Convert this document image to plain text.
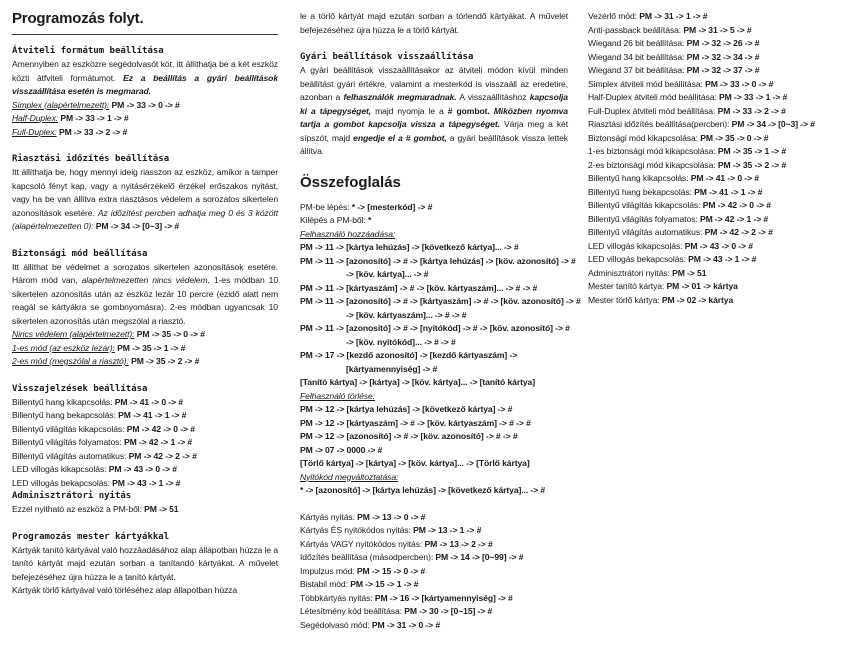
Programozás folyt.
Átviteli formátum beállítása
Amennyiben az eszközre segédolvasót köt, itt állíthatja be a két eszköz közti átfviteli formátumot. Ez a beállítás a gyári beállítások visszaállítása esetén is megmarad.
Simplex (alapértelmezett): PM -> 33 -> 0 -> #
Half-Duplex: PM -> 33 -> 1 -> #
Full-Duplex: PM -> 33 -> 2 -> #
Riasztási időzítés beállítása
Itt állíthatja be, hogy mennyi ideig riasszon az eszköz, amikor a tamper kapcsoló fényt kap, vagy a nyitásérzékelő érzékel erőszakos nyitást, vagy ha be van állítva extra riasztásos védelem a sorozatos sikertelen azonosítások esetére. Az időzítést percben adhatja meg 0 és 3 között (alapértelmezetten 0): PM -> 34 -> [0~3] -> #
Biztonsági mód beállítása
Itt állíthat be védelmet a sorozatos sikertelen azonosítások esetére. Három mód van, alapértelmezetten nincs védelem, 1-es módban 10 sikertelen azonosítás után az eszköz lezár 10 percre (ezidő alatt nem reagál se kártyákra se gombnyomásra), 2-es módban ugyancsak 10 sikertelen azonosítás után megszólal a riasztó.
Nincs védelem (alapértelmezett): PM -> 35 -> 0 -> #
1-es mód (az eszköz lezár): PM -> 35 -> 1 -> #
2-es mód (megszólal a riasztó): PM -> 35 -> 2 -> #
Visszajelzések beállítása
Billentyű hang kikapcsolás: PM -> 41 -> 0 -> #
Billentyű hang bekapcsolás: PM -> 41 -> 1 -> #
Billentyű világítás kikapcsolás: PM -> 42 -> 0 -> #
Billentyű világítás folyamatos: PM -> 42 -> 1 -> #
Billentyű világítás automatikus: PM -> 42 -> 2 -> #
LED villogás kikapcsolás: PM -> 43 -> 0 -> #
LED villogás bekapcsolás: PM -> 43 -> 1 -> #
Adminisztrátori nyitás
Ezzel nyitható az eszköz a PM-ből: PM -> 51
Programozás mester kártyákkal
Kártyák tanító kártyával való hozzáadásához alap állapotban húzza le a tanító kártyát majd ezután sorban a tanítandó kártyákat. A művelet befejezéséhez újra húzza le a tanító kártyát.
Kártyák törlő kártyával való törléséhez alap állapotban húzza
le a törlő kártyát majd ezután sorban a törlendő kártyákat. A művelet befejezéséhez újra húzza le a törlő kártyát.
Gyári beállítások visszaállítása
A gyári beállítások visszaállításakor az átviteli módon kívül minden beállítást gyári értékre, valamint a mesterkód is visszaáll az eredetire, azonban a felhasználók megmaradnak. A visszaállításhoz kapcsolja ki a tápegységet, majd nyomja le a # gombot. Miközben nyomva tartja a gombot kapcsolja vissza a tápegységet. Várja meg a két sípszót, majd engedje el a # gombot, a gyári beállítások vissza lettek állítva.
Összefoglalás
PM-be lépés: * -> [mesterkód] -> #
Kilépés a PM-ből: *
Felhasználó hozzáadása:
PM -> 11 -> [kártya lehúzás] -> [következő kártya]... -> #
PM -> 11 -> [azonosító] -> # -> [kártya lehúzás] -> [köv. azonosító] -> #
-> [köv. kártya]... -> #
PM -> 11 -> [kártyaszám] -> # -> [köv. kártyaszám]... -> # -> #
PM -> 11 -> [azonosító] -> # -> [kártyaszám] -> # -> [köv. azonosító] -> #
-> [köv. kártyaszám]... -> # -> #
PM -> 11 -> [azonosító] -> # -> [nyitókód] -> # -> [köv. azonosító] -> #
-> [köv. nyitókód]... -> # -> #
PM -> 17 -> [kezdő azonosító] -> [kezdő kártyaszám] ->
[kártyamennyiség] -> #
[Tanító kártya] -> [kártya] -> [köv. kártya]... -> [tanító kártya]
Felhasználó törlése:
PM -> 12 -> [kártya lehúzás] -> [következő kártya] -> #
PM -> 12 -> [kártyaszám] -> # -> [köv. kártyaszám] -> # -> #
PM -> 12 -> [azonosító] -> # -> [köv. azonosító] -> # -> #
PM -> 07 -> 0000 -> #
[Törlő kártya] -> [kártya] -> [köv. kártya]... -> [Törlő kártya]
Nyitókód megváltoztatása:
* -> [azonosító] -> [kártya lehúzás] -> [következő kártya]... -> #
Kártyás nyitás: PM -> 13 -> 0 -> #
Kártyás ÉS nyitókódos nyitás: PM -> 13 -> 1 -> #
Kártyás VAGY nyitókódos nyitás: PM -> 13 -> 2 -> #
Időzítés beállítása (másodpercben): PM -> 14 -> [0~99] -> #
Impulzus mód: PM -> 15 -> 0 -> #
Bistabil mód: PM -> 15 -> 1 -> #
Többkártyás nyitás: PM -> 16 -> [kártyamennyiség] -> #
Létesítmény kód beállítása: PM -> 30 -> [0~15] -> #
Segédolvasó mód: PM -> 31 -> 0 -> #
Vezérlő mód: PM -> 31 -> 1 -> #
Anti-passback beállítása: PM -> 31 -> 5 -> #
Wiegand 26 bit beállítása: PM -> 32 -> 26 -> #
Wiegand 34 bit beállítása: PM -> 32 -> 34 -> #
Wiegand 37 bit beállítása: PM -> 32 -> 37 -> #
Simplex átviteli mód beállítása: PM -> 33 -> 0 -> #
Half-Duplex átviteli mód beállítása: PM -> 33 -> 1 -> #
Full-Duplex átviteli mód beállítása: PM -> 33 -> 2 -> #
Riasztási időzítés beállítása(percben): PM -> 34 -> [0~3] -> #
Biztonsági mód kikapcsolása: PM -> 35 -> 0 -> #
1-es biztonsági mód kikapcsolása: PM -> 35 -> 1 -> #
2-es biztonsági mód kikapcsolása: PM -> 35 -> 2 -> #
Billentyű hang kikapcsolás: PM -> 41 -> 0 -> #
Billentyű hang bekapcsolás: PM -> 41 -> 1 -> #
Billentyű világítás kikapcsolás: PM -> 42 -> 0 -> #
Billentyű világítás folyamatos: PM -> 42 -> 1 -> #
Billentyű világítás automatikus: PM -> 42 -> 2 -> #
LED villogás kikapcsolás: PM -> 43 -> 0 -> #
LED villogás bekapcsolás: PM -> 43 -> 1 -> #
Adminisztrátori nyitás: PM -> 51
Mester tanító kártya: PM -> 01 -> kártya
Mester törlő kártya: PM -> 02 -> kártya
